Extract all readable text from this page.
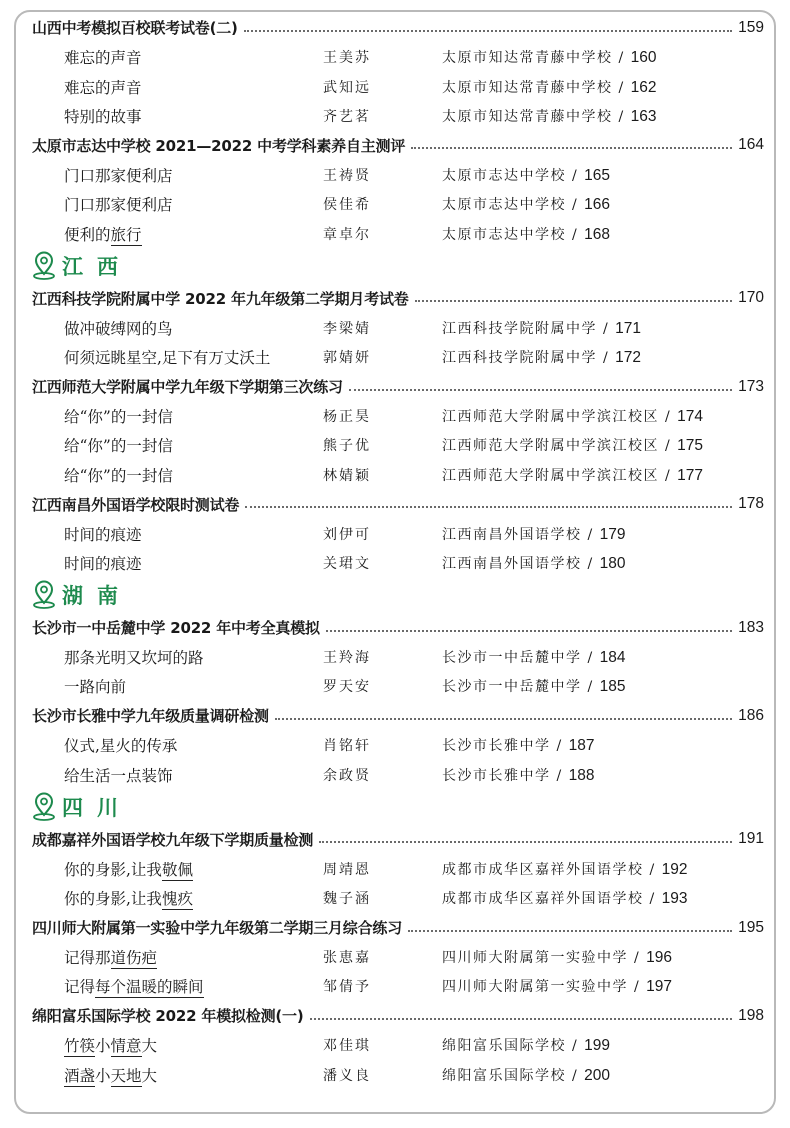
山西中考模拟百校联考试卷(二)	159
难忘的声音	王美苏	太原市知达常青藤中学校 / 160
难忘的声音	武知远	太原市知达常青藤中学校 / 162
特别的故事	齐艺茗	太原市知达常青藤中学校 / 163
太原市志达中学校 2021—2022 中考学科素养自主测评	164
门口那家便利店	王祷贤	太原市志达中学校 / 165
门口那家便利店	侯佳希	太原市志达中学校 / 166
便利的旅行	章卓尔	太原市志达中学校 / 168
江西
江西科技学院附属中学 2022 年九年级第二学期月考试卷	170
做冲破缚网的鸟	李梁婧	江西科技学院附属中学 / 171
何须远眺星空,足下有万丈沃土	郭婧妍	江西科技学院附属中学 / 172
江西师范大学附属中学九年级下学期第三次练习	173
给“你”的一封信	杨正昊	江西师范大学附属中学滨江校区 / 174
给“你”的一封信	熊子优	江西师范大学附属中学滨江校区 / 175
给“你”的一封信	林婧颖	江西师范大学附属中学滨江校区 / 177
江西南昌外国语学校限时测试卷	178
时间的痕迹	刘伊可	江西南昌外国语学校 / 179
时间的痕迹	关珺文	江西南昌外国语学校 / 180
湖南
长沙市一中岳麓中学 2022 年中考全真模拟	183
那条光明又坎坷的路	王羚海	长沙市一中岳麓中学 / 184
一路向前	罗天安	长沙市一中岳麓中学 / 185
长沙市长雅中学九年级质量调研检测	186
仪式,星火的传承	肖铭轩	长沙市长雅中学 / 187
给生活一点装饰	余政贤	长沙市长雅中学 / 188
四川
成都嘉祥外国语学校九年级下学期质量检测	191
你的身影,让我敬佩	周靖恩	成都市成华区嘉祥外国语学校 / 192
你的身影,让我愧疚	魏子涵	成都市成华区嘉祥外国语学校 / 193
四川师大附属第一实验中学九年级第二学期三月综合练习	195
记得那道伤疤	张恵嘉	四川师大附属第一实验中学 / 196
记得每个温暖的瞬间	邹倩予	四川师大附属第一实验中学 / 197
绵阳富乐国际学校 2022 年模拟检测(一)	198
竹筷小情意大	邓佳琪	绵阳富乐国际学校 / 199
酒盏小天地大	潘义良	绵阳富乐国际学校 / 200
